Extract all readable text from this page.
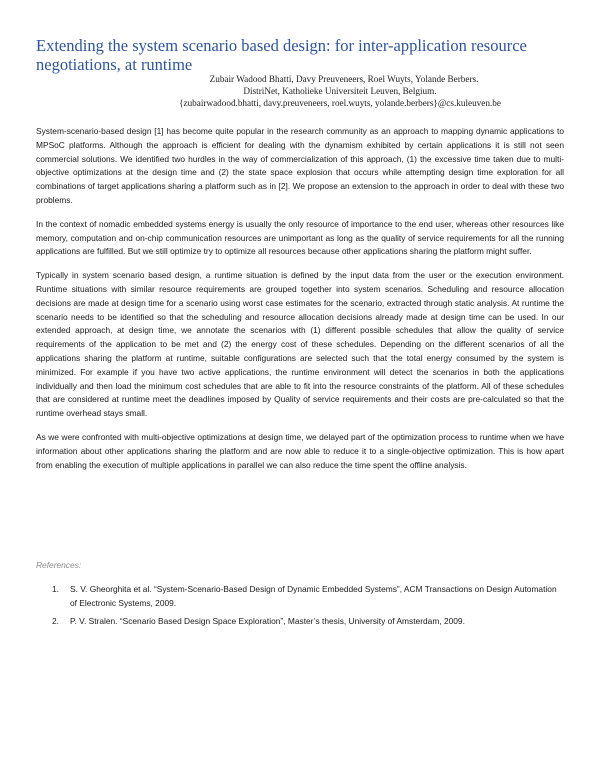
Extending the system scenario based design: for inter-application resource negotiations, at runtime
Zubair Wadood Bhatti, Davy Preuveneers, Roel Wuyts, Yolande Berbers.
DistriNet, Katholieke Universiteit Leuven, Belgium.
{zubairwadood.bhatti, davy.preuveneers, roel.wuyts, yolande.berbers}@cs.kuleuven.be

System-scenario-based design [1] has become quite popular in the research community as an approach to mapping dynamic applications to MPSoC platforms. Although the approach is efficient for dealing with the dynamism exhibited by certain applications it is still not seen commercial solutions. We identified two hurdles in the way of commercialization of this approach, (1) the excessive time taken due to multi-objective optimizations at the design time and (2) the state space explosion that occurs while attempting design time exploration for all combinations of target applications sharing a platform such as in [2]. We propose an extension to the approach in order to deal with these two problems.

In the context of nomadic embedded systems energy is usually the only resource of importance to the end user, whereas other resources like memory, computation and on-chip communication resources are unimportant as long as the quality of service requirements for all the running applications are fulfilled. But we still optimize try to optimize all resources because other applications sharing the platform might suffer.

Typically in system scenario based design, a runtime situation is defined by the input data from the user or the execution environment. Runtime situations with similar resource requirements are grouped together into system scenarios. Scheduling and resource allocation decisions are made at design time for a scenario using worst case estimates for the scenario, extracted through static analysis. At runtime the scenario needs to be identified so that the scheduling and resource allocation decisions already made at design time can be used. In our extended approach, at design time, we annotate the scenarios with (1) different possible schedules that allow the quality of service requirements of the application to be met and (2) the energy cost of these schedules. Depending on the different scenarios of all the applications sharing the platform at runtime, suitable configurations are selected such that the total energy consumed by the system is minimized. For example if you have two active applications, the runtime environment will detect the scenarios in both the applications individually and then load the minimum cost schedules that are able to fit into the resource constraints of the platform. All of these schedules that are considered at runtime meet the deadlines imposed by Quality of service requirements and their costs are pre-calculated so that the runtime overhead stays small.

As we were confronted with multi-objective optimizations at design time, we delayed part of the optimization process to runtime when we have information about other applications sharing the platform and are now able to reduce it to a single-objective optimization. This is how apart from enabling the execution of multiple applications in parallel we can also reduce the time spent the offline analysis.

References:
1. S. V. Gheorghita et al. “System-Scenario-Based Design of Dynamic Embedded Systems”, ACM Transactions on Design Automation of Electronic Systems, 2009.
2. P. V. Stralen. “Scenario Based Design Space Exploration”, Master’s thesis, University of Amsterdam, 2009.
